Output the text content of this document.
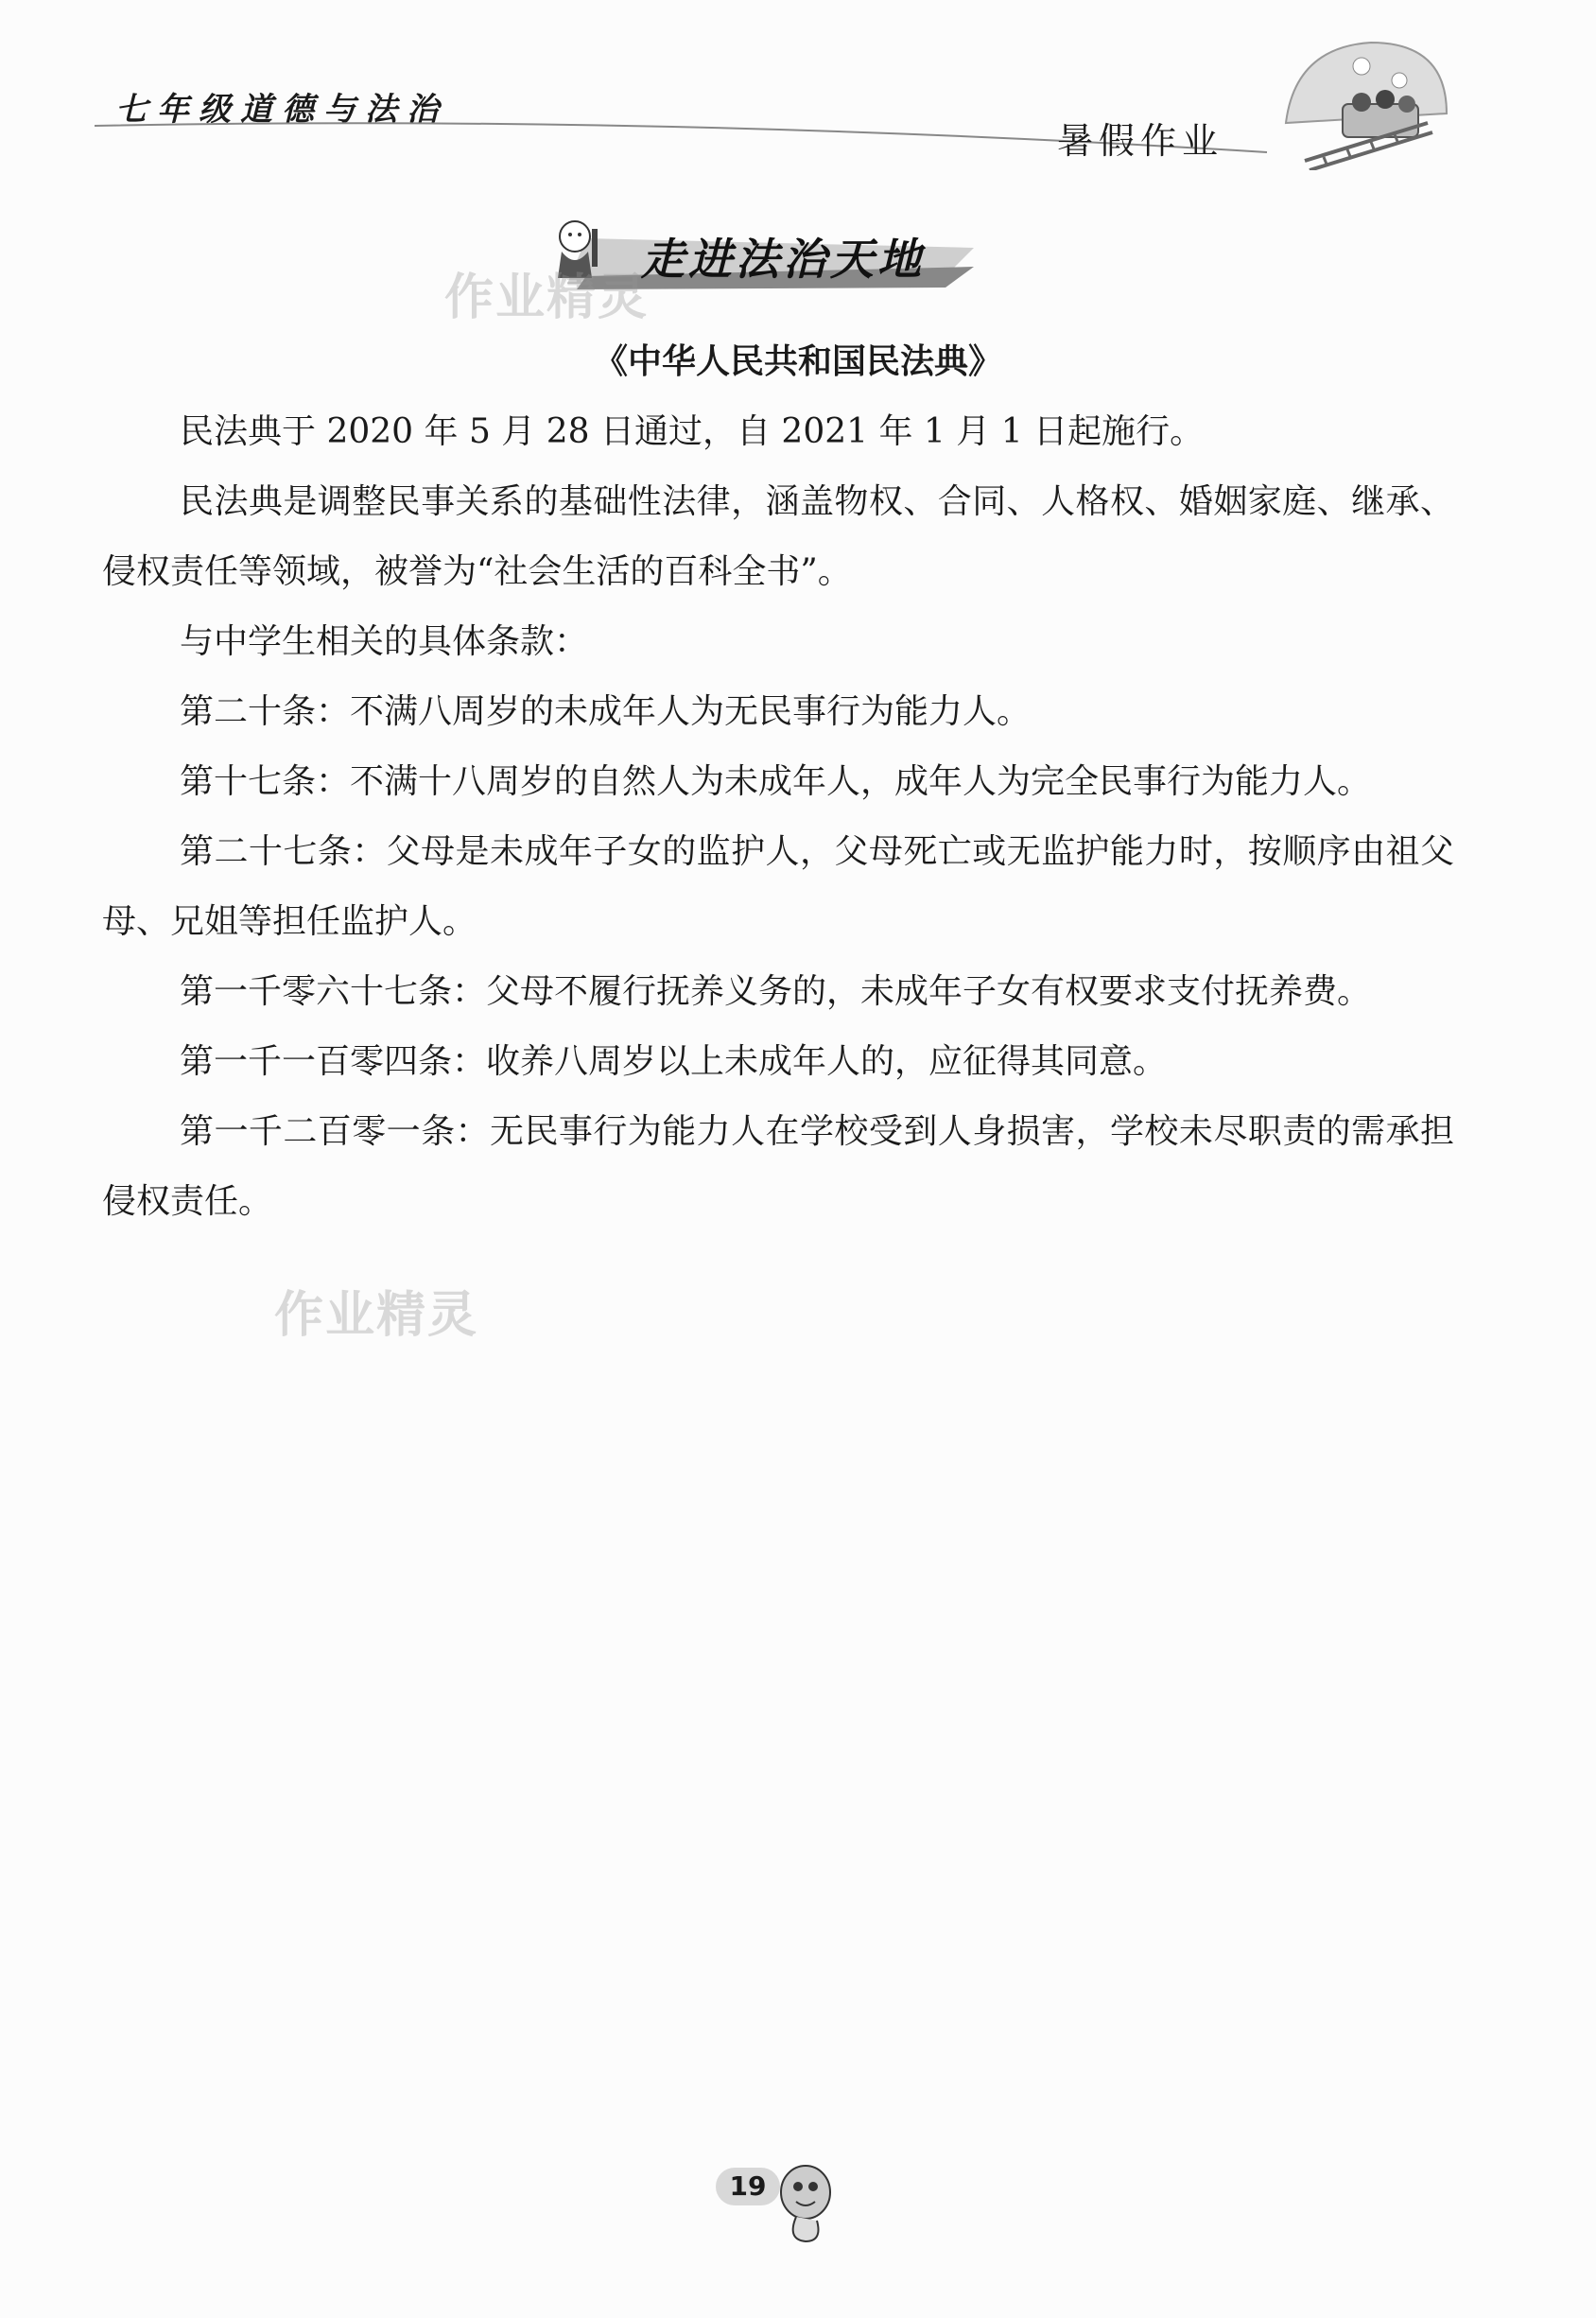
七年级道德与法治
暑假作业
走进法治天地
作业精灵
作业精灵
《中华人民共和国民法典》

民法典于 2020 年 5 月 28 日通过，自 2021 年 1 月 1 日起施行。

民法典是调整民事关系的基础性法律，涵盖物权、合同、人格权、婚姻家庭、继承、侵权责任等领域，被誉为“社会生活的百科全书”。

与中学生相关的具体条款：

第二十条：不满八周岁的未成年人为无民事行为能力人。

第十七条：不满十八周岁的自然人为未成年人，成年人为完全民事行为能力人。

第二十七条：父母是未成年子女的监护人，父母死亡或无监护能力时，按顺序由祖父母、兄姐等担任监护人。

第一千零六十七条：父母不履行抚养义务的，未成年子女有权要求支付抚养费。

第一千一百零四条：收养八周岁以上未成年人的，应征得其同意。

第一千二百零一条：无民事行为能力人在学校受到人身损害，学校未尽职责的需承担侵权责任。

19
